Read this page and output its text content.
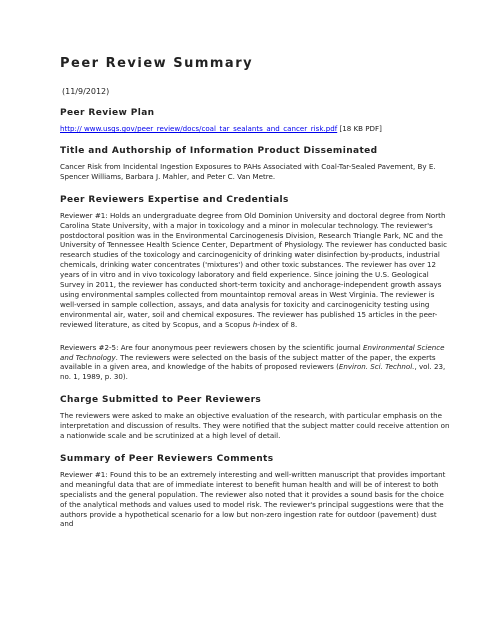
Peer Review Summary
(11/9/2012)
Peer Review Plan
http:// www.usgs.gov/peer_review/docs/coal_tar_sealants_and_cancer_risk.pdf [18 KB PDF]
Title and Authorship of Information Product Disseminated
Cancer Risk from Incidental Ingestion Exposures to PAHs Associated with Coal-Tar-Sealed Pavement, By E. Spencer Williams, Barbara J. Mahler, and Peter C. Van Metre.
Peer Reviewers Expertise and Credentials
Reviewer #1: Holds an undergraduate degree from Old Dominion University and doctoral degree from North Carolina State University, with a major in toxicology and a minor in molecular technology. The reviewer's postdoctoral position was in the Environmental Carcinogenesis Division, Research Triangle Park, NC and the University of Tennessee Health Science Center, Department of Physiology. The reviewer has conducted basic research studies of the toxicology and carcinogenicity of drinking water disinfection by-products, industrial chemicals, drinking water concentrates ('mixtures') and other toxic substances. The reviewer has over 12 years of in vitro and in vivo toxicology laboratory and field experience. Since joining the U.S. Geological Survey in 2011, the reviewer has conducted short-term toxicity and anchorage-independent growth assays using environmental samples collected from mountaintop removal areas in West Virginia. The reviewer is well-versed in sample collection, assays, and data analysis for toxicity and carcinogenicity testing using environmental air, water, soil and chemical exposures. The reviewer has published 15 articles in the peer-reviewed literature, as cited by Scopus, and a Scopus h-index of 8.
Reviewers #2-5: Are four anonymous peer reviewers chosen by the scientific journal Environmental Science and Technology. The reviewers were selected on the basis of the subject matter of the paper, the experts available in a given area, and knowledge of the habits of proposed reviewers (Environ. Sci. Technol., vol. 23, no. 1, 1989, p. 30).
Charge Submitted to Peer Reviewers
The reviewers were asked to make an objective evaluation of the research, with particular emphasis on the interpretation and discussion of results. They were notified that the subject matter could receive attention on a nationwide scale and be scrutinized at a high level of detail.
Summary of Peer Reviewers Comments
Reviewer #1: Found this to be an extremely interesting and well-written manuscript that provides important and meaningful data that are of immediate interest to benefit human health and will be of interest to both specialists and the general population. The reviewer also noted that it provides a sound basis for the choice of the analytical methods and values used to model risk. The reviewer's principal suggestions were that the authors provide a hypothetical scenario for a low but non-zero ingestion rate for outdoor (pavement) dust and
